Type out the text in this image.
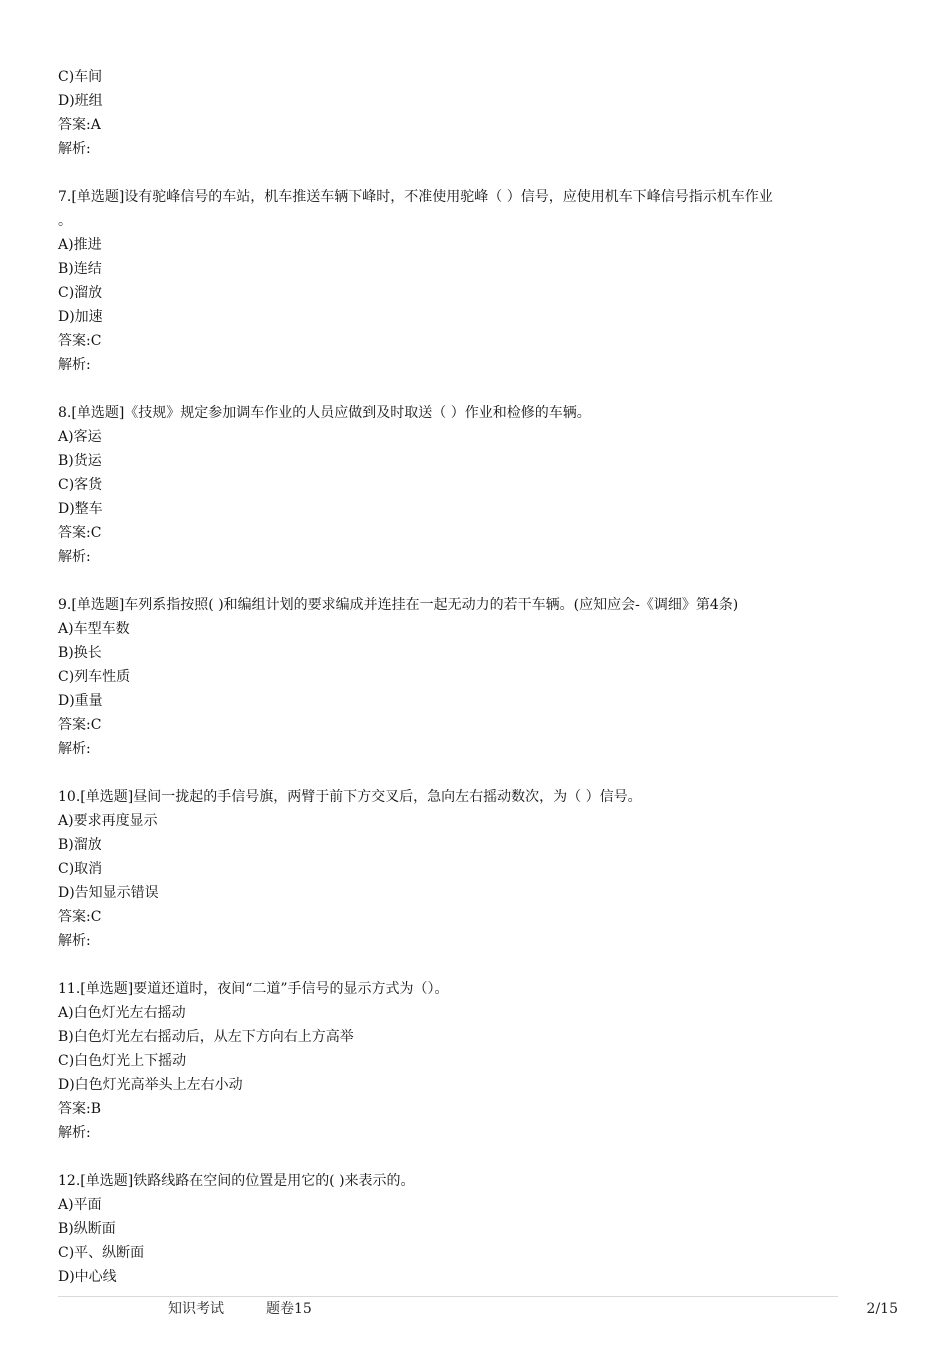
C)车间
D)班组
答案:A
解析:
7.[单选题]设有驼峰信号的车站，机车推送车辆下峰时，不准使用驼峰（ ）信号，应使用机车下峰信号指示机车作业
。
A)推进
B)连结
C)溜放
D)加速
答案:C
解析:
8.[单选题]《技规》规定参加调车作业的人员应做到及时取送（ ）作业和检修的车辆。
A)客运
B)货运
C)客货
D)整车
答案:C
解析:
9.[单选题]车列系指按照( )和编组计划的要求编成并连挂在一起无动力的若干车辆。(应知应会-《调细》第4条)
A)车型车数
B)换长
C)列车性质
D)重量
答案:C
解析:
10.[单选题]昼间一拢起的手信号旗，两臂于前下方交叉后，急向左右摇动数次，为（ ）信号。
A)要求再度显示
B)溜放
C)取消
D)告知显示错误
答案:C
解析:
11.[单选题]要道还道时，夜间“二道”手信号的显示方式为（）。
A)白色灯光左右摇动
B)白色灯光左右摇动后，从左下方向右上方高举
C)白色灯光上下摇动
D)白色灯光高举头上左右小动
答案:B
解析:
12.[单选题]铁路线路在空间的位置是用它的( )来表示的。
A)平面
B)纵断面
C)平、纵断面
D)中心线
知识考试	题卷15	2/15
